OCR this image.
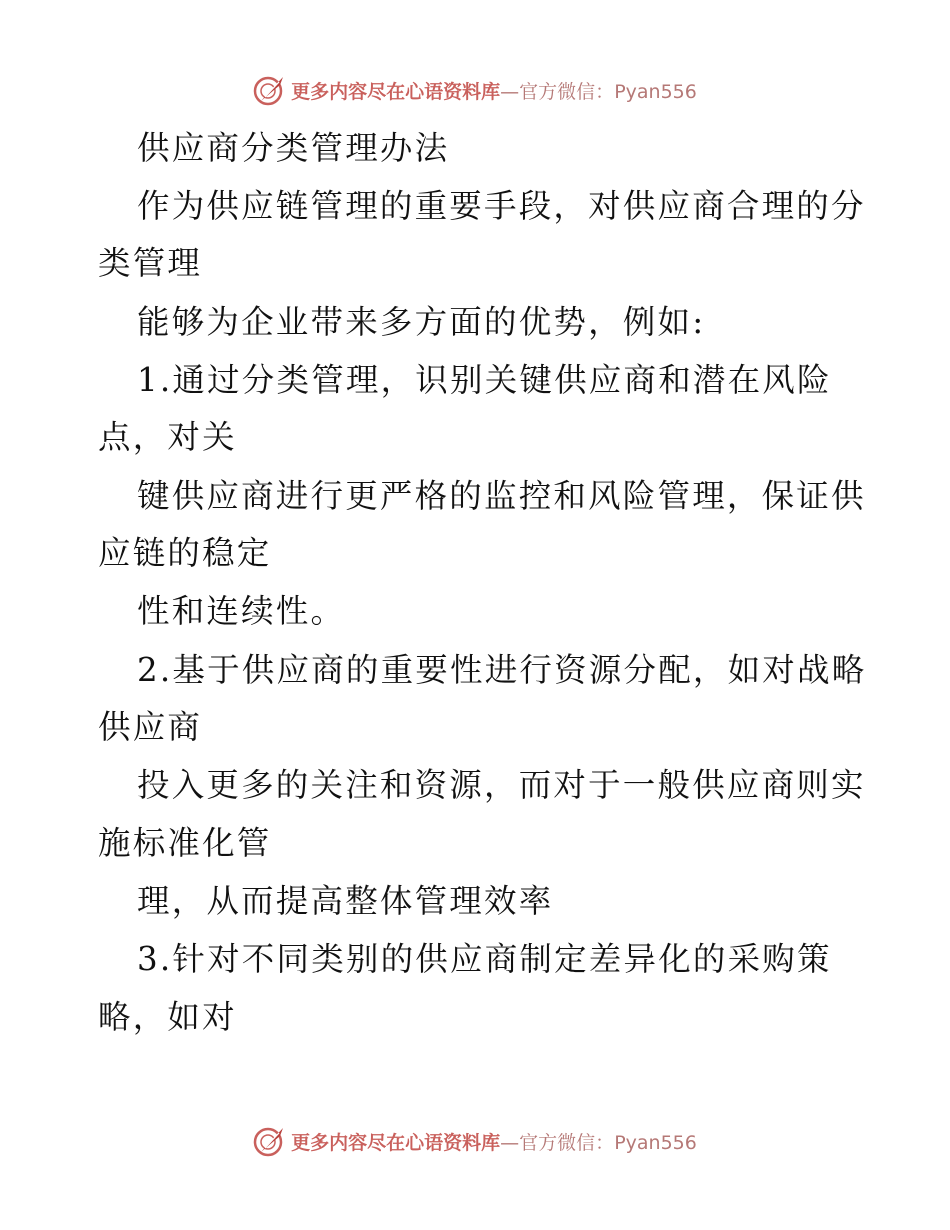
更多内容尽在心语资料库—官方微信：Pyan556
供应商分类管理办法
作为供应链管理的重要手段，对供应商合理的分
类管理
能够为企业带来多方面的优势，例如:
1.通过分类管理，识别关键供应商和潜在风险
点，对关
键供应商进行更严格的监控和风险管理，保证供
应链的稳定
性和连续性。
2.基于供应商的重要性进行资源分配，如对战略
供应商
投入更多的关注和资源，而对于一般供应商则实
施标准化管
理，从而提高整体管理效率
3.针对不同类别的供应商制定差异化的采购策
略，如对
更多内容尽在心语资料库—官方微信：Pyan556
